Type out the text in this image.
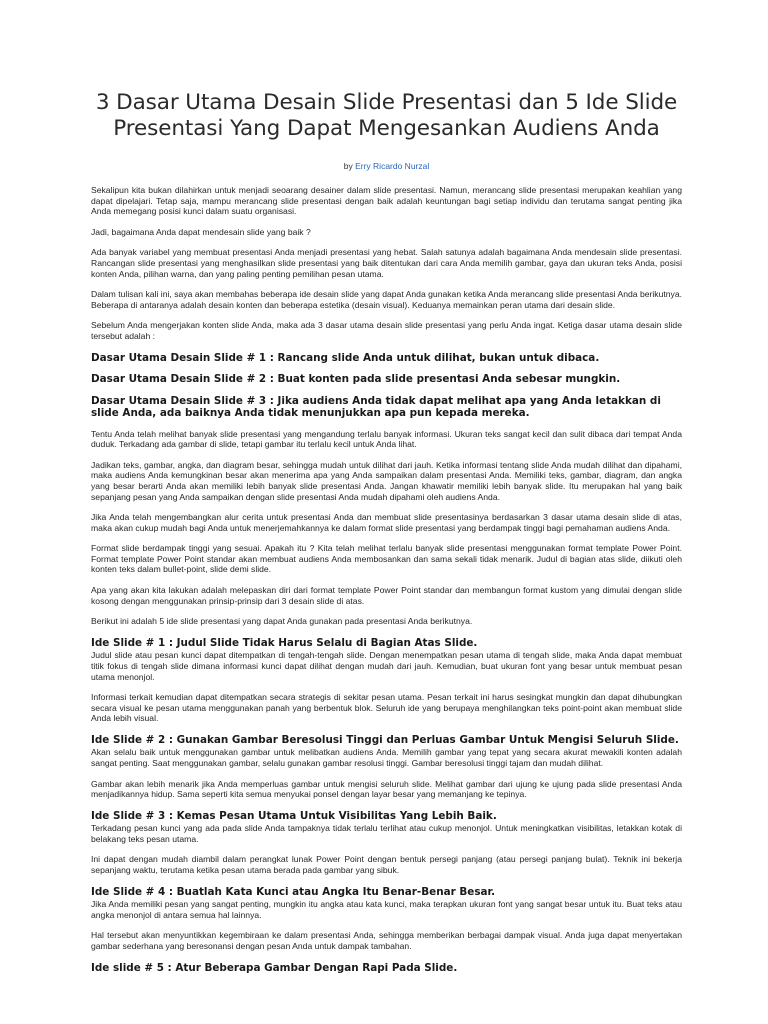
3 Dasar Utama Desain Slide Presentasi dan 5 Ide Slide Presentasi Yang Dapat Mengesankan Audiens Anda
by Erry Ricardo Nurzal

Sekalipun kita bukan dilahirkan untuk menjadi seoarang desainer dalam slide presentasi. Namun, merancang slide presentasi merupakan keahlian yang dapat dipelajari. Tetap saja, mampu merancang slide presentasi dengan baik adalah keuntungan bagi setiap individu dan terutama sangat penting jika Anda memegang posisi kunci dalam suatu organisasi.

Jadi, bagaimana Anda dapat mendesain slide yang baik ?

Ada banyak variabel yang membuat presentasi Anda menjadi presentasi yang hebat. Salah satunya adalah bagaimana Anda mendesain slide presentasi. Rancangan slide presentasi yang menghasilkan slide presentasi yang baik ditentukan dari cara Anda memilih gambar, gaya dan ukuran teks Anda, posisi konten Anda, pilihan warna, dan yang paling penting pemilihan pesan utama.

Dalam tulisan kali ini, saya akan membahas beberapa ide desain slide yang dapat Anda gunakan ketika Anda merancang slide presentasi Anda berikutnya. Beberapa di antaranya adalah desain konten dan beberapa estetika (desain visual). Keduanya memainkan peran utama dari desain slide.

Sebelum Anda mengerjakan konten slide Anda, maka ada 3 dasar utama desain slide presentasi yang perlu Anda ingat. Ketiga dasar utama desain slide tersebut adalah :

Dasar Utama Desain Slide # 1 : Rancang slide Anda untuk dilihat, bukan untuk dibaca.
Dasar Utama Desain Slide # 2 : Buat konten pada slide presentasi Anda sebesar mungkin.
Dasar Utama Desain Slide # 3 : Jika audiens Anda tidak dapat melihat apa yang Anda letakkan di slide Anda, ada baiknya Anda tidak menunjukkan apa pun kepada mereka.

Tentu Anda telah melihat banyak slide presentasi yang mengandung terlalu banyak informasi. Ukuran teks sangat kecil dan sulit dibaca dari tempat Anda duduk. Terkadang ada gambar di slide, tetapi gambar itu terlalu kecil untuk Anda lihat.

Jadikan teks, gambar, angka, dan diagram besar, sehingga mudah untuk dilihat dari jauh. Ketika informasi tentang slide Anda mudah dilihat dan dipahami, maka audiens Anda kemungkinan besar akan menerima apa yang Anda sampaikan dalam presentasi Anda. Memiliki teks, gambar, diagram, dan angka yang besar berarti Anda akan memiliki lebih banyak slide presentasi Anda. Jangan khawatir memiliki lebih banyak slide. Itu merupakan hal yang baik sepanjang pesan yang Anda sampaikan dengan slide presentasi Anda mudah dipahami oleh audiens Anda.

Jika Anda telah mengembangkan alur cerita untuk presentasi Anda dan membuat slide presentasinya berdasarkan 3 dasar utama desain slide di atas, maka akan cukup mudah bagi Anda untuk menerjemahkannya ke dalam format slide presentasi yang berdampak tinggi bagi pemahaman audiens Anda.

Format slide berdampak tinggi yang sesuai. Apakah itu ? Kita telah melihat terlalu banyak slide presentasi menggunakan format template Power Point. Format template Power Point standar akan membuat audiens Anda membosankan dan sama sekali tidak menarik. Judul di bagian atas slide, diikuti oleh konten teks dalam bullet-point, slide demi slide.

Apa yang akan kita lakukan adalah melepaskan diri dari format template Power Point standar dan membangun format kustom yang dimulai dengan slide kosong dengan menggunakan prinsip-prinsip dari 3 desain slide di atas.

Berikut ini adalah 5 ide slide presentasi yang dapat Anda gunakan pada presentasi Anda berikutnya.

Ide Slide # 1 : Judul Slide Tidak Harus Selalu di Bagian Atas Slide.

Judul slide atau pesan kunci dapat ditempatkan di tengah-tengah slide. Dengan menempatkan pesan utama di tengah slide, maka Anda dapat membuat titik fokus di tengah slide dimana informasi kunci dapat dilihat dengan mudah dari jauh. Kemudian, buat ukuran font yang besar untuk membuat pesan utama menonjol.

Informasi terkait kemudian dapat ditempatkan secara strategis di sekitar pesan utama. Pesan terkait ini harus sesingkat mungkin dan dapat dihubungkan secara visual ke pesan utama menggunakan panah yang berbentuk blok. Seluruh ide yang berupaya menghilangkan teks point-point akan membuat slide Anda lebih visual.

Ide Slide # 2 : Gunakan Gambar Beresolusi Tinggi dan Perluas Gambar Untuk Mengisi Seluruh Slide.

Akan selalu baik untuk menggunakan gambar untuk melibatkan audiens Anda. Memilih gambar yang tepat yang secara akurat mewakili konten adalah sangat penting. Saat menggunakan gambar, selalu gunakan gambar resolusi tinggi. Gambar beresolusi tinggi tajam dan mudah dilihat.

Gambar akan lebih menarik jika Anda memperluas gambar untuk mengisi seluruh slide. Melihat gambar dari ujung ke ujung pada slide presentasi Anda menjadikannya hidup. Sama seperti kita semua menyukai ponsel dengan layar besar yang memanjang ke tepinya.

Ide Slide # 3 : Kemas Pesan Utama Untuk Visibilitas Yang Lebih Baik.

Terkadang pesan kunci yang ada pada slide Anda tampaknya tidak terlalu terlihat atau cukup menonjol. Untuk meningkatkan visibilitas, letakkan kotak di belakang teks pesan utama.

Ini dapat dengan mudah diambil dalam perangkat lunak Power Point dengan bentuk persegi panjang (atau persegi panjang bulat). Teknik ini bekerja sepanjang waktu, terutama ketika pesan utama berada pada gambar yang sibuk.

Ide Slide # 4 : Buatlah Kata Kunci atau Angka Itu Benar-Benar Besar.

Jika Anda memiliki pesan yang sangat penting, mungkin itu angka atau kata kunci, maka terapkan ukuran font yang sangat besar untuk itu. Buat teks atau angka menonjol di antara semua hal lainnya.

Hal tersebut akan menyuntikkan kegembiraan ke dalam presentasi Anda, sehingga memberikan berbagai dampak visual. Anda juga dapat menyertakan gambar sederhana yang beresonansi dengan pesan Anda untuk dampak tambahan.

Ide slide # 5 : Atur Beberapa Gambar Dengan Rapi Pada Slide.
